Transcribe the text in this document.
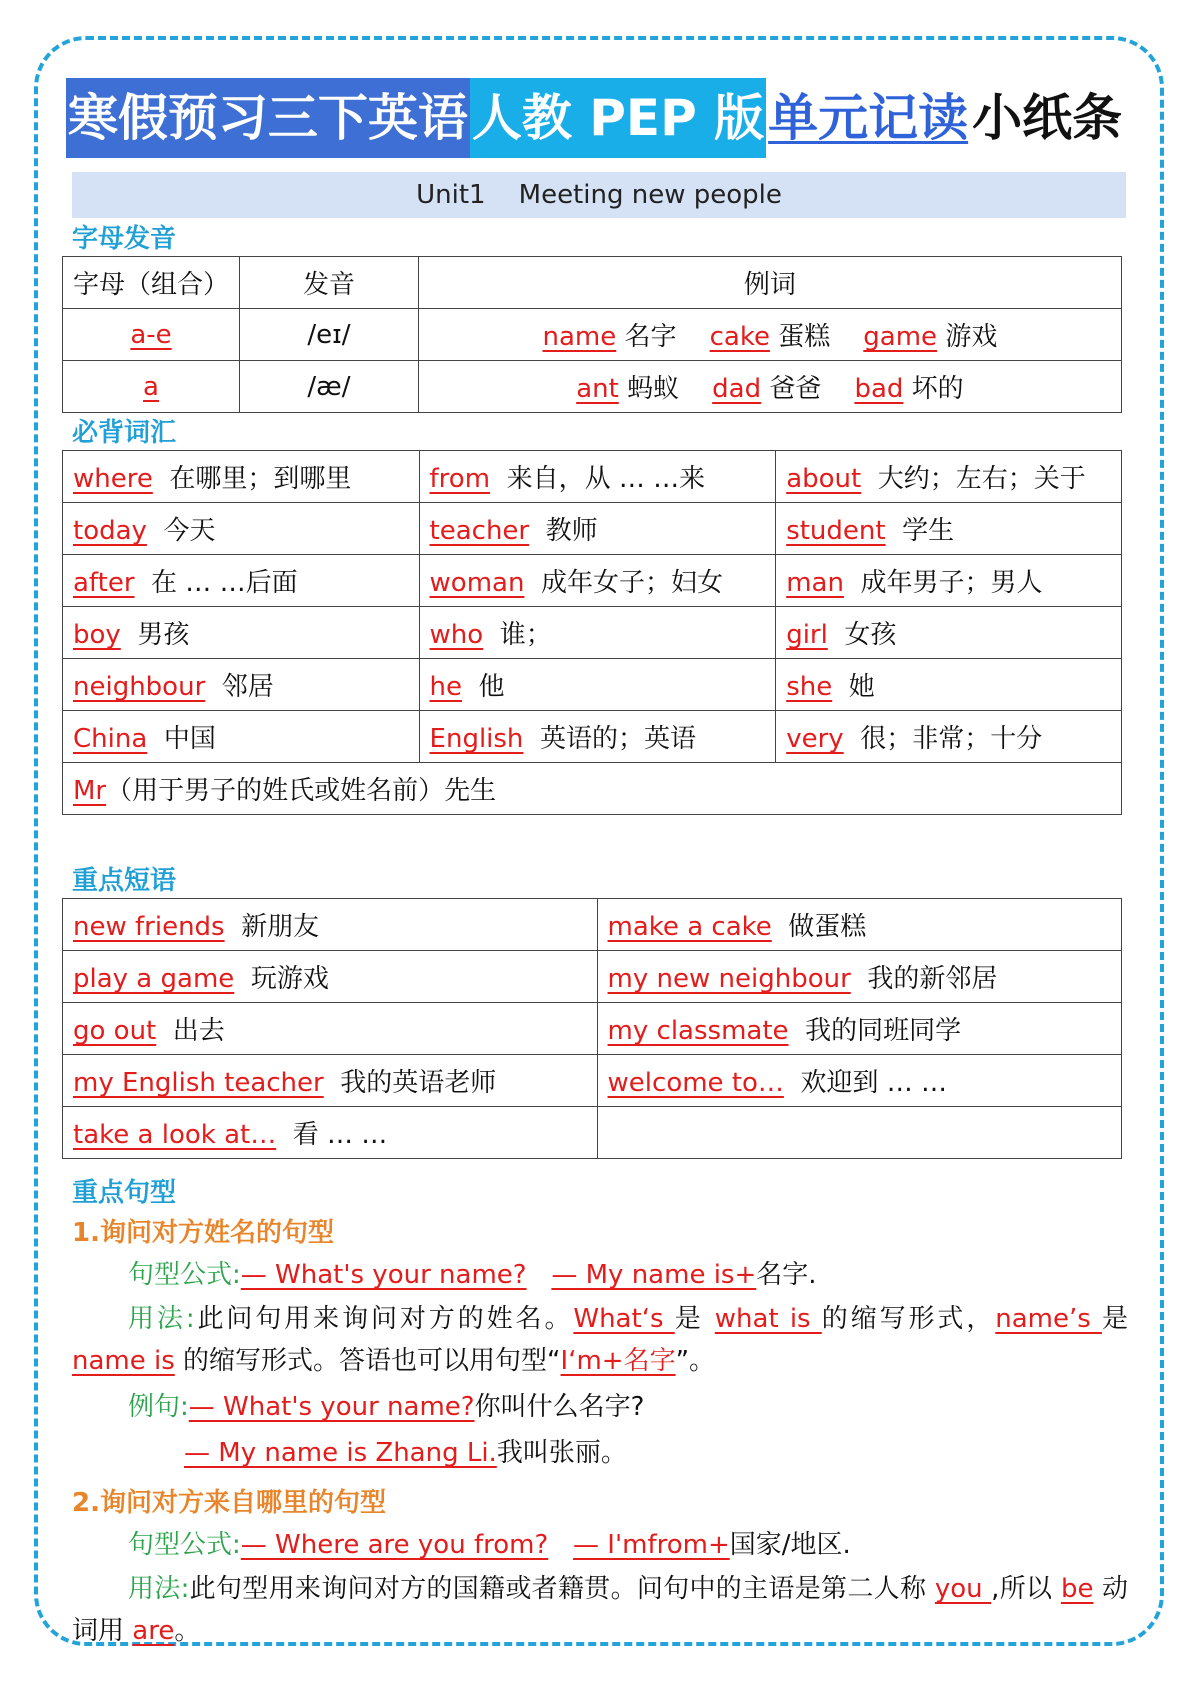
寒假预习三下英语人教 PEP 版单元记读小纸条
Unit1    Meeting new people
字母发音
字母（组合）	发音	例词
a-e	/eɪ/	name 名字 cake 蛋糕 game 游戏
a	/æ/	ant 蚂蚁 dad 爸爸 bad 坏的
必背词汇
where 在哪里；到哪里	from 来自，从 … …来	about 大约；左右；关于
today 今天	teacher 教师	student 学生
after 在 … …后面	woman 成年女子；妇女	man 成年男子；男人
boy 男孩	who 谁；	girl 女孩
neighbour 邻居	he 他	she 她
China 中国	English 英语的；英语	very 很；非常；十分
Mr（用于男子的姓氏或姓名前）先生		
重点短语
new friends 新朋友	make a cake 做蛋糕
play a game 玩游戏	my new neighbour 我的新邻居
go out 出去	my classmate 我的同班同学
my English teacher 我的英语老师	welcome to… 欢迎到 … …
take a look at… 看 … …	
重点句型
1.询问对方姓名的句型
句型公式:— What's your name? — My name is+名字.
用法:此问句用来询问对方的姓名。What‘s 是 what is 的缩写形式，name’s 是 name is 的缩写形式。答语也可以用句型“I‘m+名字”。
例句:— What's your name?你叫什么名字?
— My name is Zhang Li.我叫张丽。
2.询问对方来自哪里的句型
句型公式:— Where are you from? — I'mfrom+国家/地区.
用法:此句型用来询问对方的国籍或者籍贯。问句中的主语是第二人称 you ,所以 be 动词用 are。
